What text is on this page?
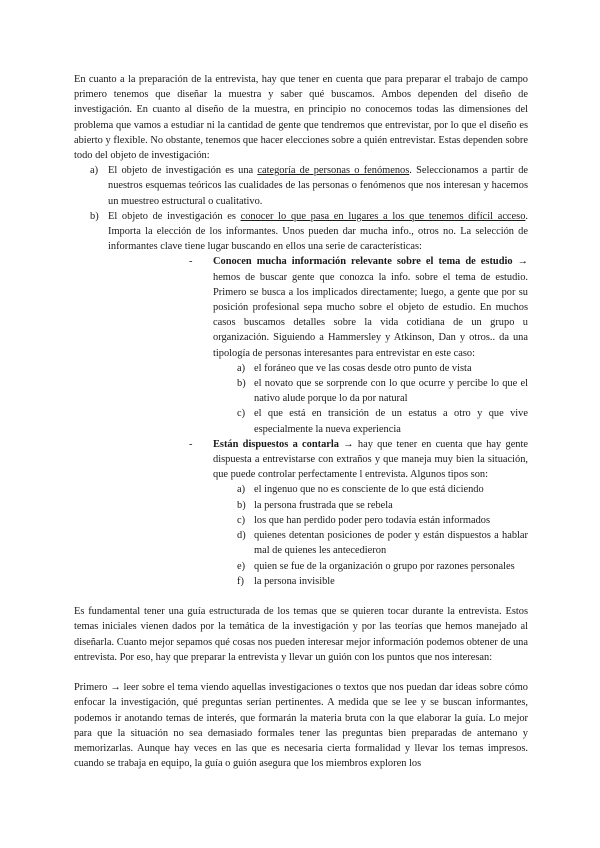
En cuanto a la preparación de la entrevista, hay que tener en cuenta que para preparar el trabajo de campo primero tenemos que diseñar la muestra y saber qué buscamos. Ambos dependen del diseño de investigación. En cuanto al diseño de la muestra, en principio no conocemos todas las dimensiones del problema que vamos a estudiar ni la cantidad de gente que tendremos que entrevistar, por lo que el diseño es abierto y flexible. No obstante, tenemos que hacer elecciones sobre a quién entrevistar. Estas dependen sobre todo del objeto de investigación:

a) El objeto de investigación es una categoría de personas o fenómenos. Seleccionamos a partir de nuestros esquemas teóricos las cualidades de las personas o fenómenos que nos interesan y hacemos un muestreo estructural o cualitativo.
b) El objeto de investigación es conocer lo que pasa en lugares a los que tenemos difícil acceso. Importa la elección de los informantes. Unos pueden dar mucha info., otros no. La selección de informantes clave tiene lugar buscando en ellos una serie de características:
- Conocen mucha información relevante sobre el tema de estudio → hemos de buscar gente que conozca la info. sobre el tema de estudio. Primero se busca a los implicados directamente; luego, a gente que por su posición profesional sepa mucho sobre el objeto de estudio. En muchos casos buscamos detalles sobre la vida cotidiana de un grupo u organización. Siguiendo a Hammersley y Atkinson, Dan y otros.. da una tipología de personas interesantes para entrevistar en este caso:
a) el foráneo que ve las cosas desde otro punto de vista
b) el novato que se sorprende con lo que ocurre y percibe lo que el nativo alude porque lo da por natural
c) el que está en transición de un estatus a otro y que vive especialmente la nueva experiencia
- Están dispuestos a contarla → hay que tener en cuenta que hay gente dispuesta a entrevistarse con extraños y que maneja muy bien la situación, que puede controlar perfectamente l entrevista. Algunos tipos son:
a) el ingenuo que no es consciente de lo que está diciendo
b) la persona frustrada que se rebela
c) los que han perdido poder pero todavía están informados
d) quienes detentan posiciones de poder y están dispuestos a hablar mal de quienes les antecedieron
e) quien se fue de la organización o grupo por razones personales
f) la persona invisible

Es fundamental tener una guía estructurada de los temas que se quieren tocar durante la entrevista. Estos temas iniciales vienen dados por la temática de la investigación y por las teorías que hemos manejado al diseñarla. Cuanto mejor sepamos qué cosas nos pueden interesar mejor información podemos obtener de una entrevista. Por eso, hay que preparar la entrevista y llevar un guión con los puntos que nos interesan:

Primero → leer sobre el tema viendo aquellas investigaciones o textos que nos puedan dar ideas sobre cómo enfocar la investigación, qué preguntas serían pertinentes. A medida que se lee y se buscan informantes, podemos ir anotando temas de interés, que formarán la materia bruta con la que elaborar la guía. Lo mejor para que la situación no sea demasiado formales tener las preguntas bien preparadas de antemano y memorizarlas. Aunque hay veces en las que es necesaria cierta formalidad y llevar los temas impresos. cuando se trabaja en equipo, la guía o guión asegura que los miembros exploren los
